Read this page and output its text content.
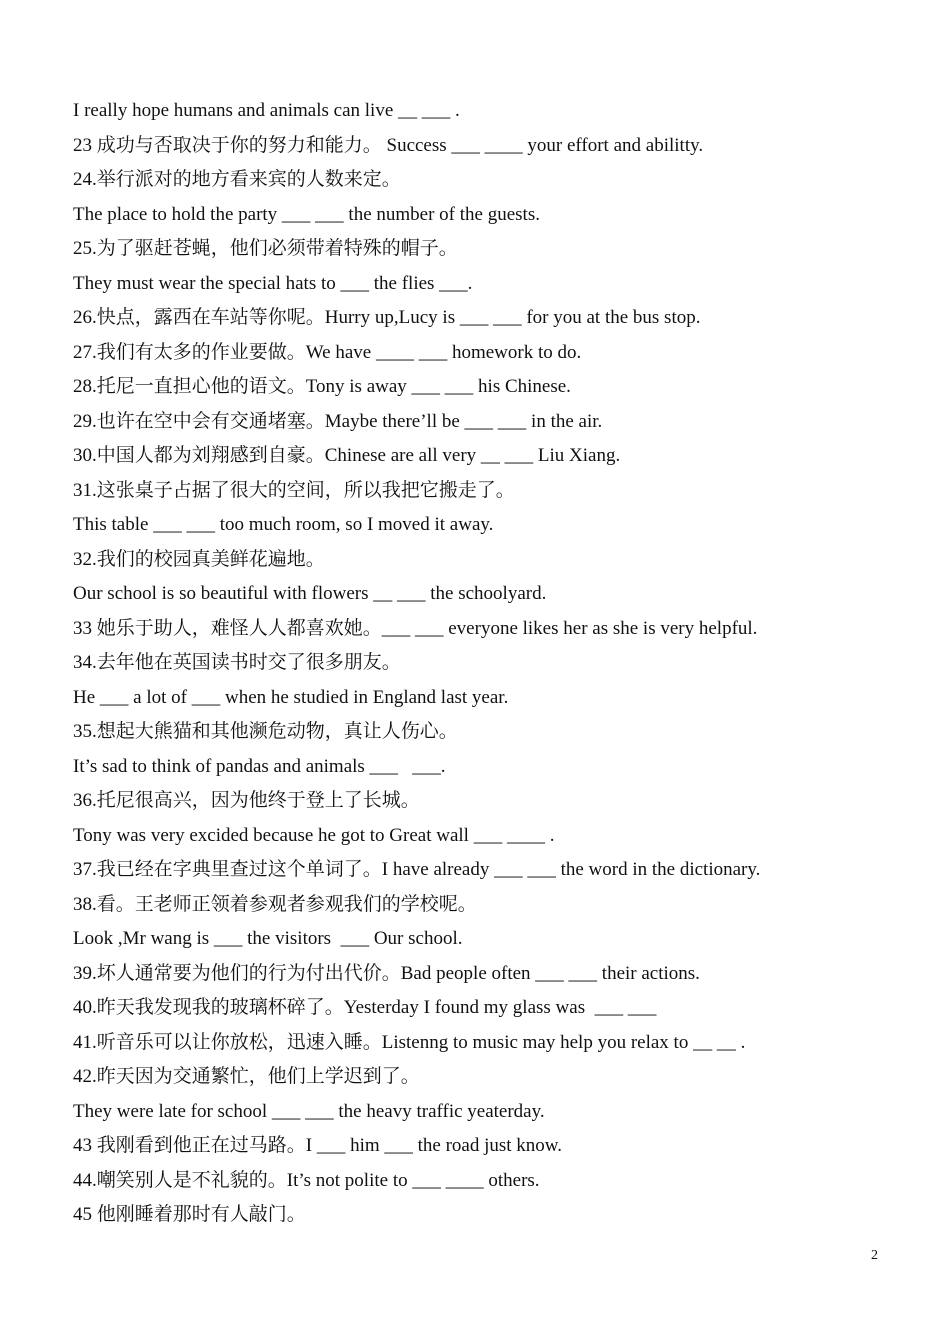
I really hope humans and animals can live __ ___ .
23 成功与否取决于你的努力和能力。 Success ___ ____ your effort and abilitty.
24.举行派对的地方看来宾的人数来定。
The place to hold the party ___ ___ the number of the guests.
25.为了驱赶苍蝇，他们必须带着特殊的帽子。
They must wear the special hats to ___ the flies ___.
26.快点，露西在车站等你呢。Hurry up,Lucy is ___ ___ for you at the bus stop.
27.我们有太多的作业要做。We have ____ ___ homework to do.
28.托尼一直担心他的语文。Tony is away ___ ___ his Chinese.
29.也许在空中会有交通堵塞。Maybe there’ll be ___ ___ in the air.
30.中国人都为刘翔感到自豪。Chinese are all very __ ___ Liu Xiang.
31.这张桌子占据了很大的空间，所以我把它搬走了。
This table ___ ___ too much room, so I moved it away.
32.我们的校园真美鲜花遍地。
Our school is so beautiful with flowers __ ___ the schoolyard.
33 她乐于助人，难怪人人都喜欢她。___ ___ everyone likes her as she is very helpful.
34.去年他在英国读书时交了很多朋友。
He ___ a lot of ___ when he studied in England last year.
35.想起大熊猫和其他濒危动物，真让人伤心。
It’s sad to think of pandas and animals ___   ___.
36.托尼很高兴，因为他终于登上了长城。
Tony was very excided because he got to Great wall ___ ____ .
37.我已经在字典里查过这个单词了。I have already ___ ___ the word in the dictionary.
38.看。王老师正领着参观者参观我们的学校呢。
Look ,Mr wang is ___ the visitors  ___ Our school.
39.坏人通常要为他们的行为付出代价。Bad people often ___ ___ their actions.
40.昨天我发现我的玻璃杯碎了。Yesterday I found my glass was  ___ ___
41.听音乐可以让你放松，迅速入睡。Listenng to music may help you relax to __ __ .
42.昨天因为交通繁忙，他们上学迟到了。
They were late for school ___ ___ the heavy traffic yeaterday.
43 我刚看到他正在过马路。I ___ him ___ the road just know.
44.嘲笑别人是不礼貌的。It’s not polite to ___ ____ others.
45 他刚睡着那时有人敲门。
2
